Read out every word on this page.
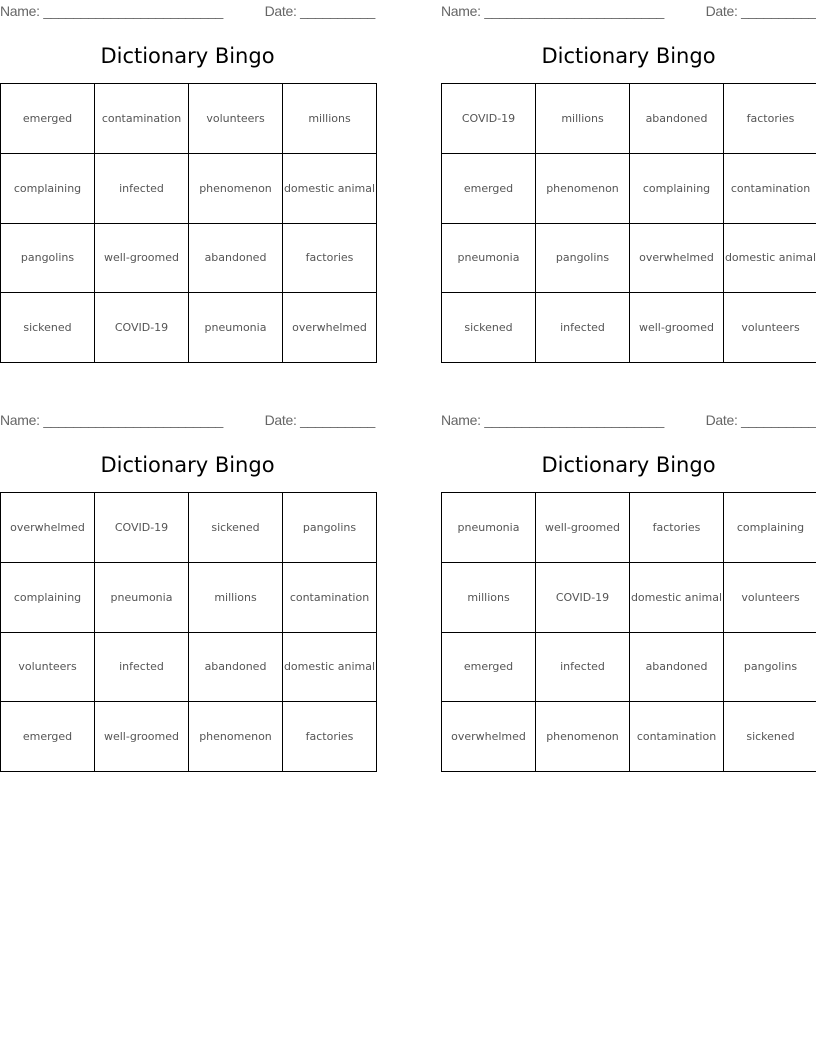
Name: ________________________	Date: __________
Dictionary Bingo
emerged	contamination	volunteers	millions
complaining	infected	phenomenon	domestic animal
pangolins	well-groomed	abandoned	factories
sickened	COVID-19	pneumonia	overwhelmed
Name: ________________________	Date: __________
Dictionary Bingo
COVID-19	millions	abandoned	factories
emerged	phenomenon	complaining	contamination
pneumonia	pangolins	overwhelmed	domestic animal
sickened	infected	well-groomed	volunteers
Name: ________________________	Date: __________
Dictionary Bingo
overwhelmed	COVID-19	sickened	pangolins
complaining	pneumonia	millions	contamination
volunteers	infected	abandoned	domestic animal
emerged	well-groomed	phenomenon	factories
Name: ________________________	Date: __________
Dictionary Bingo
pneumonia	well-groomed	factories	complaining
millions	COVID-19	domestic animal	volunteers
emerged	infected	abandoned	pangolins
overwhelmed	phenomenon	contamination	sickened
